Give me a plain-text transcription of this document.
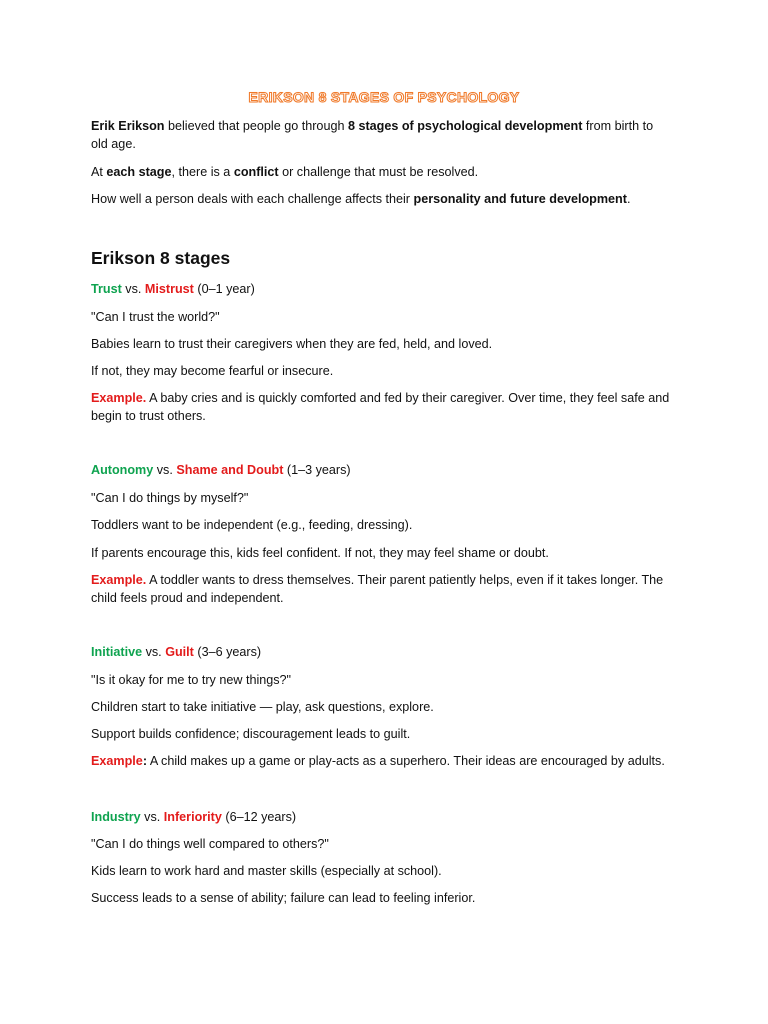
ERIKSON 8 STAGES OF PSYCHOLOGY

Erik Erikson believed that people go through 8 stages of psychological development from birth to old age.

At each stage, there is a conflict or challenge that must be resolved.

How well a person deals with each challenge affects their personality and future development.

Erikson 8 stages

Trust vs. Mistrust (0–1 year)

"Can I trust the world?"

Babies learn to trust their caregivers when they are fed, held, and loved.

If not, they may become fearful or insecure.

Example. A baby cries and is quickly comforted and fed by their caregiver. Over time, they feel safe and begin to trust others.

Autonomy vs. Shame and Doubt (1–3 years)

"Can I do things by myself?"

Toddlers want to be independent (e.g., feeding, dressing).

If parents encourage this, kids feel confident. If not, they may feel shame or doubt.

Example. A toddler wants to dress themselves. Their parent patiently helps, even if it takes longer. The child feels proud and independent.

Initiative vs. Guilt (3–6 years)

"Is it okay for me to try new things?"

Children start to take initiative — play, ask questions, explore.

Support builds confidence; discouragement leads to guilt.

Example: A child makes up a game or play-acts as a superhero. Their ideas are encouraged by adults.

Industry vs. Inferiority (6–12 years)

"Can I do things well compared to others?"

Kids learn to work hard and master skills (especially at school).

Success leads to a sense of ability; failure can lead to feeling inferior.
